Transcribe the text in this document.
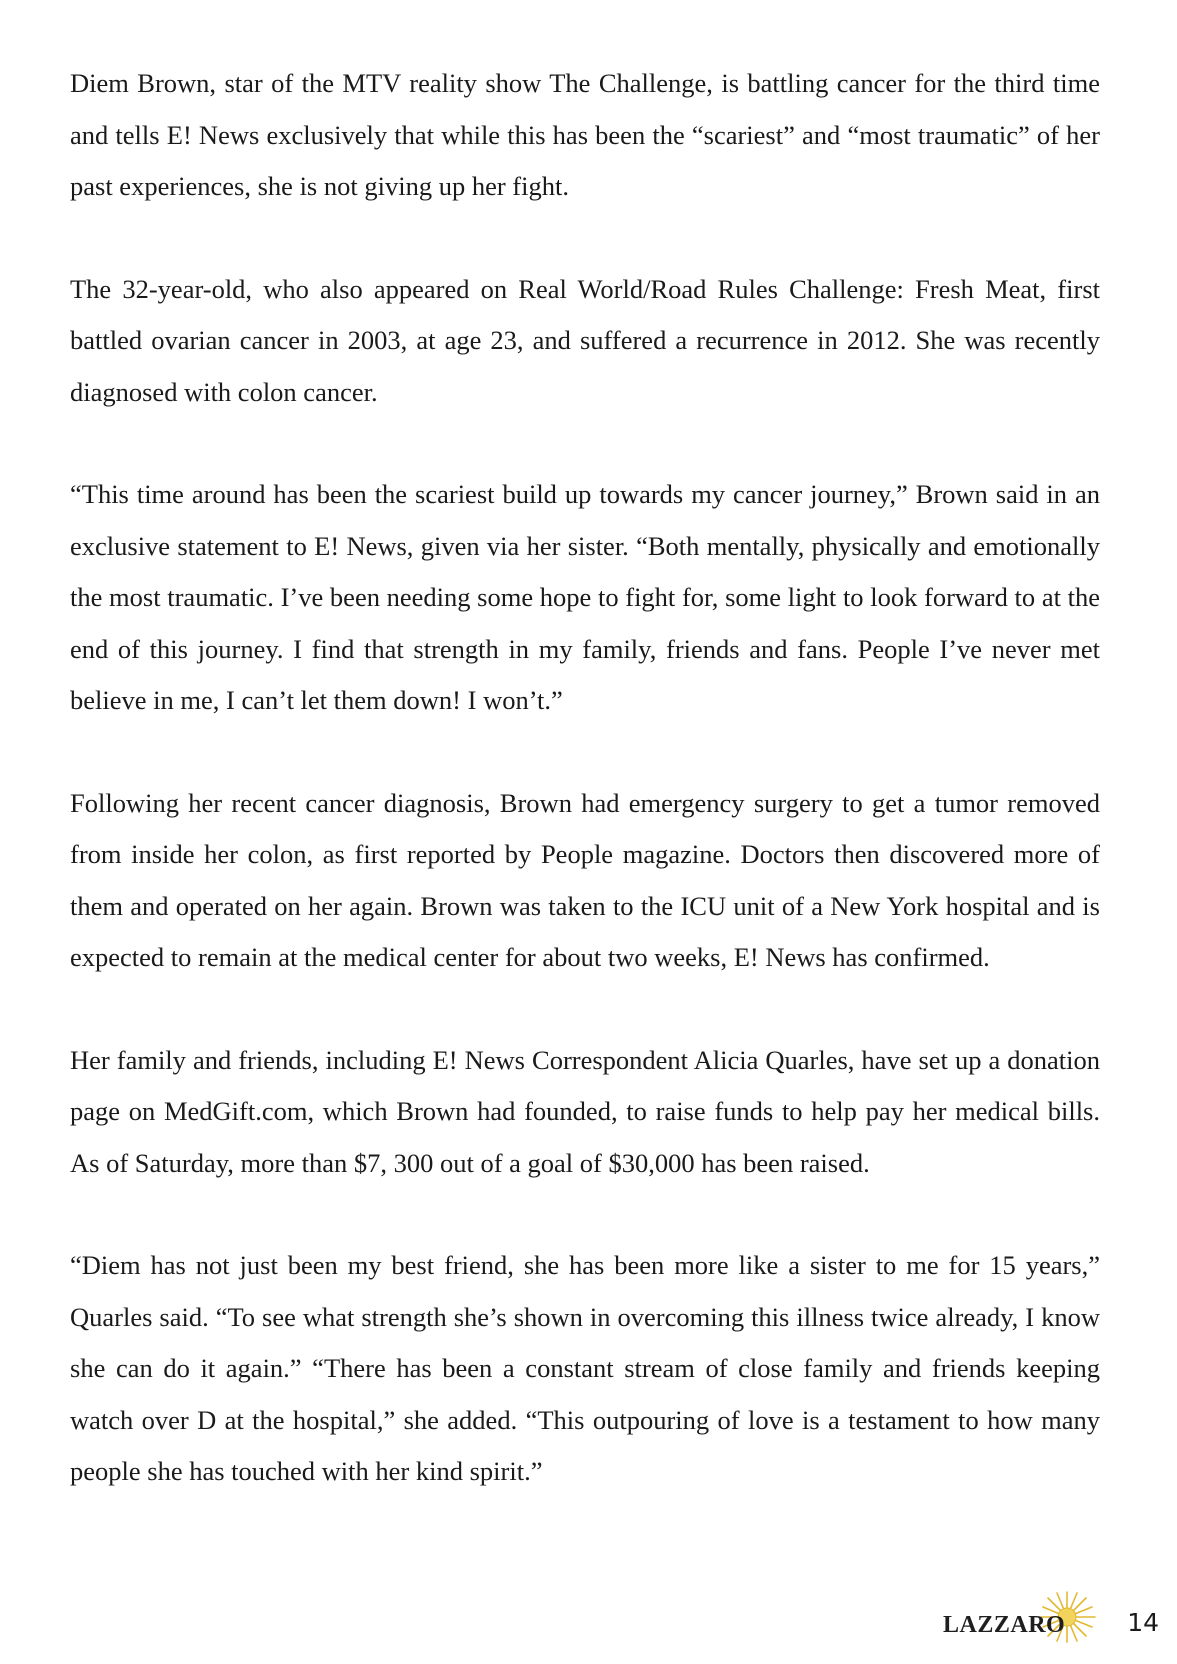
Diem Brown, star of the MTV reality show The Challenge, is battling cancer for the third time and tells E! News exclusively that while this has been the “scariest” and “most traumatic” of her past experiences, she is not giving up her fight.

The 32-year-old, who also appeared on Real World/Road Rules Challenge: Fresh Meat, first battled ovarian cancer in 2003, at age 23, and suffered a recurrence in 2012. She was recently diagnosed with colon cancer.

“This time around has been the scariest build up towards my cancer journey,” Brown said in an exclusive statement to E! News, given via her sister. “Both mentally, physically and emotionally the most traumatic. I’ve been needing some hope to fight for, some light to look forward to at the end of this journey. I find that strength in my family, friends and fans. People I’ve never met believe in me, I can’t let them down! I won’t.”

Following her recent cancer diagnosis, Brown had emergency surgery to get a tumor removed from inside her colon, as first reported by People magazine. Doctors then discovered more of them and operated on her again. Brown was taken to the ICU unit of a New York hospital and is expected to remain at the medical center for about two weeks, E! News has confirmed.

Her family and friends, including E! News Correspondent Alicia Quarles, have set up a donation page on MedGift.com, which Brown had founded, to raise funds to help pay her medical bills. As of Saturday, more than $7, 300 out of a goal of $30,000 has been raised.

“Diem has not just been my best friend, she has been more like a sister to me for 15 years,” Quarles said. “To see what strength she’s shown in overcoming this illness twice already, I know she can do it again.” “There has been a constant stream of close family and friends keeping watch over D at the hospital,” she added. “This outpouring of love is a testament to how many people she has touched with her kind spirit.”

LAZZARO 14
